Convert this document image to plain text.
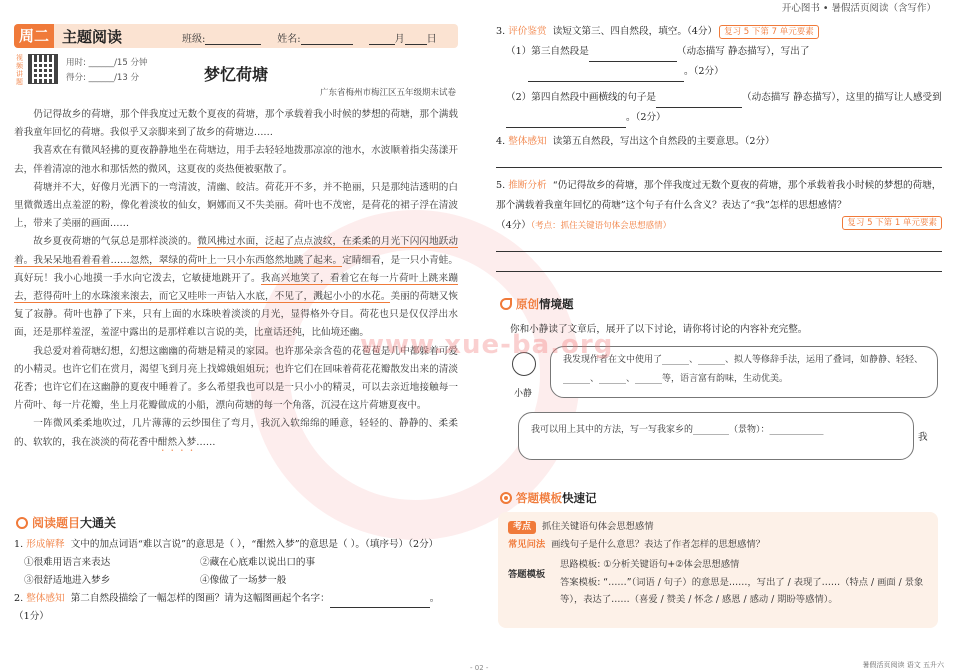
周二 主题阅读	班级:	姓名:	月 日
视频讲题
用时: ______/15 分钟
得分: ______/13 分	梦忆荷塘
广东省梅州市梅江区五年级期末试卷

仍记得故乡的荷塘，那个伴我度过无数个夏夜的荷塘，那个承载着我小时候的梦想的荷塘，那个满载着我童年回忆的荷塘。我似乎又亲脚来到了故乡的荷塘边……

我喜欢在有微风轻拂的夏夜静静地坐在荷塘边，用手去轻轻地拨那凉凉的池水，水波顺着指尖荡漾开去，伴着清凉的池水和那恬然的微风，这夏夜的炎热便被驱散了。

荷塘并不大，好像月光洒下的一弯清波，清幽、皎洁。荷花开不多，并不艳丽，只是那纯洁透明的白里微微透出点羞涩的粉，像化着淡妆的仙女，婀娜而又不失美丽。荷叶也不茂密，是荷花的裙子浮在清波上，带来了美丽的画面……

故乡夏夜荷塘的气氛总是那样淡淡的。微风拂过水面，泛起了点点波纹，在柔柔的月光下闪闪地跃动着。我呆呆地看着看着……忽然，翠绿的荷叶上一只小东西悠然地跳了起来。定睛细看，是一只小青蛙。真好玩！我小心地摸一手水向它泼去，它敏捷地跳开了。我高兴地笑了，看着它在每一片荷叶上跳来蹦去，惹得荷叶上的水珠滚来滚去，而它又哇咔一声钻入水底，不见了，溅起小小的水花。美丽的荷塘又恢复了寂静。荷叶也静了下来，只有上面的水珠映着淡淡的月光，显得格外夺目。荷花也只是仅仅浮出水面，还是那样羞涩，羞涩中露出的是那样难以言说的美，比童话还纯，比仙境还幽。

我总爱对着荷塘幻想，幻想这幽幽的荷塘是精灵的家园。也许那朵亲含苞的花苞苞是几中都躲着可爱的小精灵。也许它们在赏月，渴望飞到月亮上找嫦娥姐姐玩；也许它们在回味着荷花花瓣散发出来的清淡花香；也许它们在这幽静的夏夜中睡着了。多么希望我也可以是一只小小的精灵，可以去亲近地接触每一片荷叶、每一片花瓣，坐上月花瓣做成的小船，漂向荷塘的每一个角落，沉浸在这片荷塘夏夜中。

一阵微风柔柔地吹过，几片薄薄的云纱围住了弯月，我沉入软绵绵的睡意，轻轻的、静静的、柔柔的、软软的，我在淡淡的荷花香中酣然入梦……

阅读题目大通关
1. 形成解释 文中的加点词语“难以言说”的意思是（ ），“酣然入梦”的意思是（ ）。（填序号）（2分）
①很难用语言来表达	②藏在心底难以说出口的事
③很舒适地进入梦乡	④像做了一场梦一般
2. 整体感知 第二自然段描绘了一幅怎样的图画？请为这幅图画起个名字：	。
（1分）
开心图书 • 暑假活页阅读（含写作）
3. 评价鉴赏 读短文第三、四自然段，填空。（4分） 复习 5 下第 7 单元要素
（1）第三自然段是	（动态描写 静态描写），写出了
。（2分）
（2）第四自然段中画横线的句子是	（动态描写 静态描写），这里的描写让人感受到。（2分）
4. 整体感知 读第五自然段，写出这个自然段的主要意思。（2分）
5. 推断分析 “仍记得故乡的荷塘，那个伴我度过无数个夏夜的荷塘，那个承载着我小时候的梦想的荷塘，那个满载着我童年回忆的荷塘”这个句子有什么含义？表达了“我”怎样的思想感情？
（4分）（考点：抓住关键语句体会思想感情）	复习 5 下第 1 单元要素
原创情境题
你和小静读了文章后，展开了以下讨论，请你将讨论的内容补充完整。
小静
我发现作者在文中使用了______、______、拟人等修辞手法，运用了叠词，如静静、轻轻、______、______、______等，语言富有韵味，生动优美。
我可以用上其中的方法，写一写我家乡的________（景物）：____________
我
答题模板快速记
考点 抓住关键语句体会思想感情
常见问法 画线句子是什么意思？表达了作者怎样的思想感情？
答题模板
思路模板: ①分析关键语句+②体会思想感情
答案模板: “……”（词语 / 句子）的意思是……，写出了 / 表现了……（特点 / 画面 / 景象等），表达了……（喜爱 / 赞美 / 怀念 / 感恩 / 感动 / 期盼等感情）。
www.xue-ba.org
- 02 -	暑假活页阅读 语文 五升六
